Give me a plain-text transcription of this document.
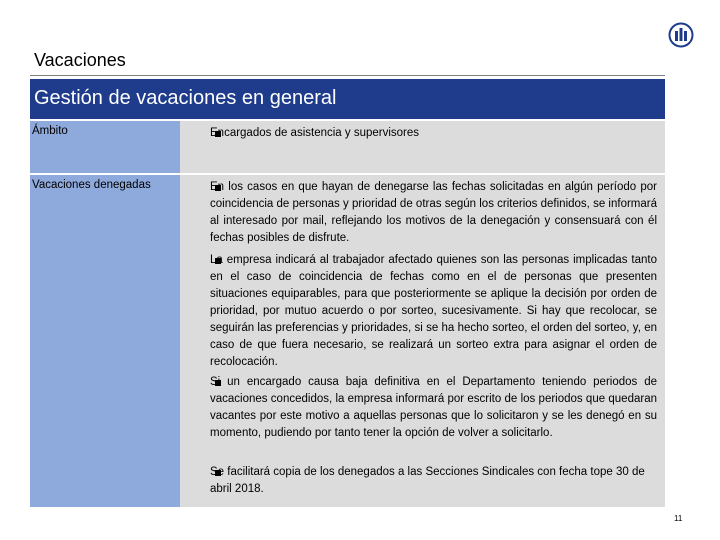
Vacaciones
Gestión de vacaciones en general
Ámbito	Encargados de asistencia y supervisores
Vacaciones denegadas	En los casos en que hayan de denegarse las fechas solicitadas en algún período por coincidencia de personas y prioridad de otras según los criterios definidos, se informará al interesado por mail, reflejando los motivos de la denegación y consensuará con él fechas posibles de disfrute.
La empresa indicará al trabajador afectado quienes son las personas implicadas tanto en el caso de coincidencia de fechas como en el de personas que presenten situaciones equiparables, para que posteriormente se aplique la decisión por orden de prioridad, por mutuo acuerdo o por sorteo, sucesivamente. Si hay que recolocar, se seguirán las preferencias y prioridades, si se ha hecho sorteo, el orden del sorteo, y, en caso de que fuera necesario, se realizará un sorteo extra para asignar el orden de recolocación.
Si un encargado causa baja definitiva en el Departamento teniendo periodos de vacaciones concedidos, la empresa informará por escrito de los periodos que quedaran vacantes por este motivo a aquellas personas que lo solicitaron y se les denegó en su momento, pudiendo por tanto tener la opción de volver a solicitarlo.
Se facilitará copia de los denegados a las Secciones Sindicales con fecha tope 30 de abril 2018.
11
